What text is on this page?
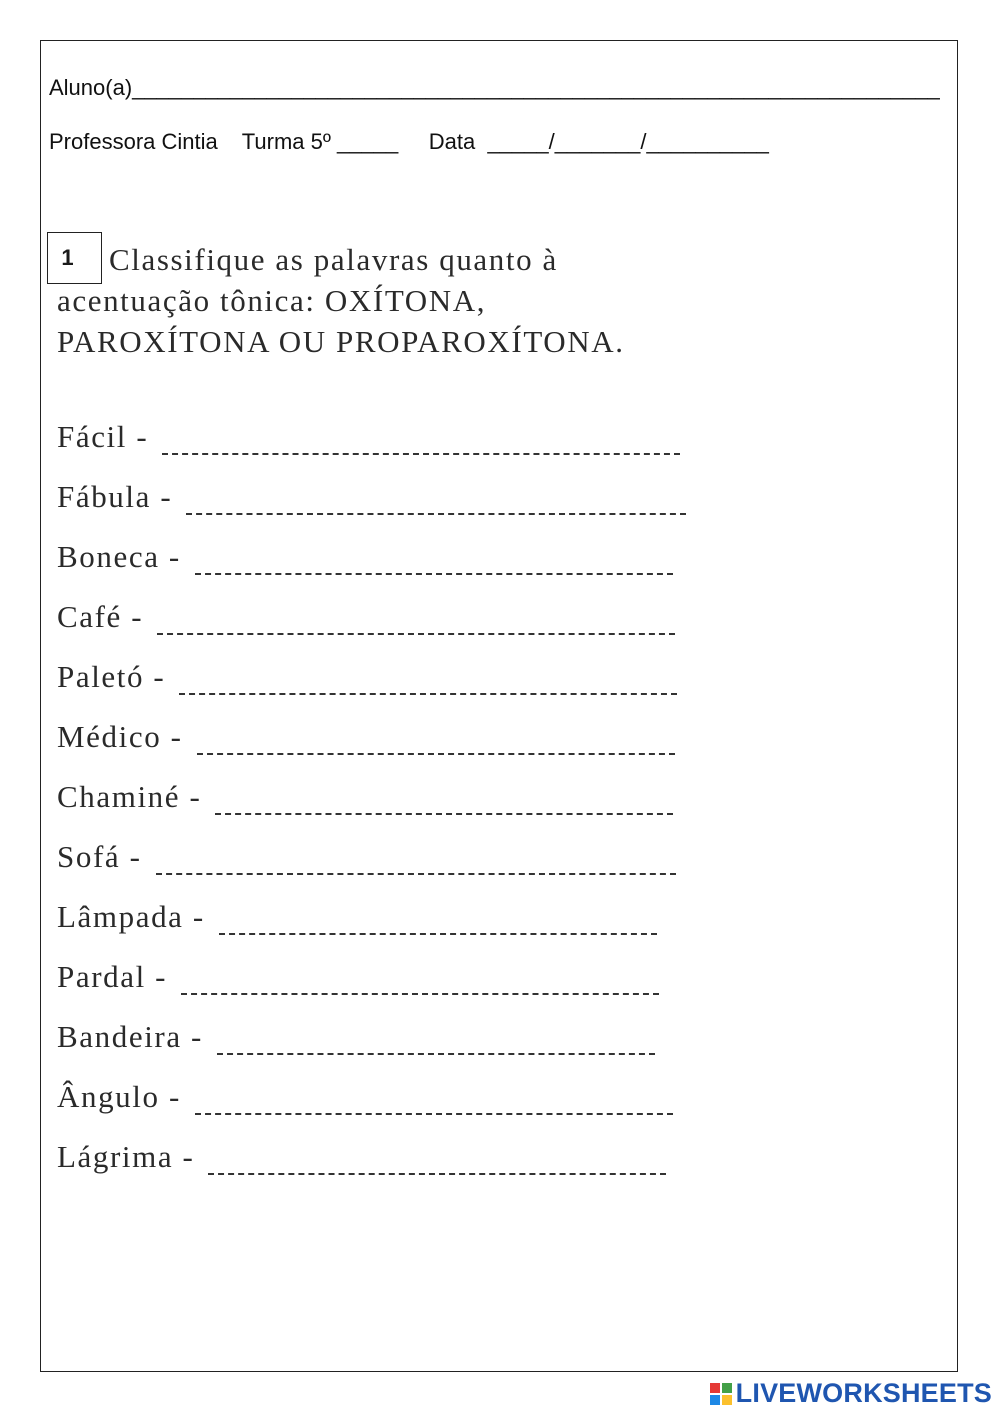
Aluno(a)__________________________________________________________________
Professora Cintia    Turma 5º _____     Data  _____/_______/__________
1	Classifique as palavras quanto à
acentuação tônica: OXÍTONA,
PAROXÍTONA OU PROPAROXÍTONA.
Fácil -
Fábula -
Boneca -
Café -
Paletó -
Médico -
Chaminé -
Sofá -
Lâmpada -
Pardal -
Bandeira -
Ângulo -
Lágrima -
LIVEWORKSHEETS
